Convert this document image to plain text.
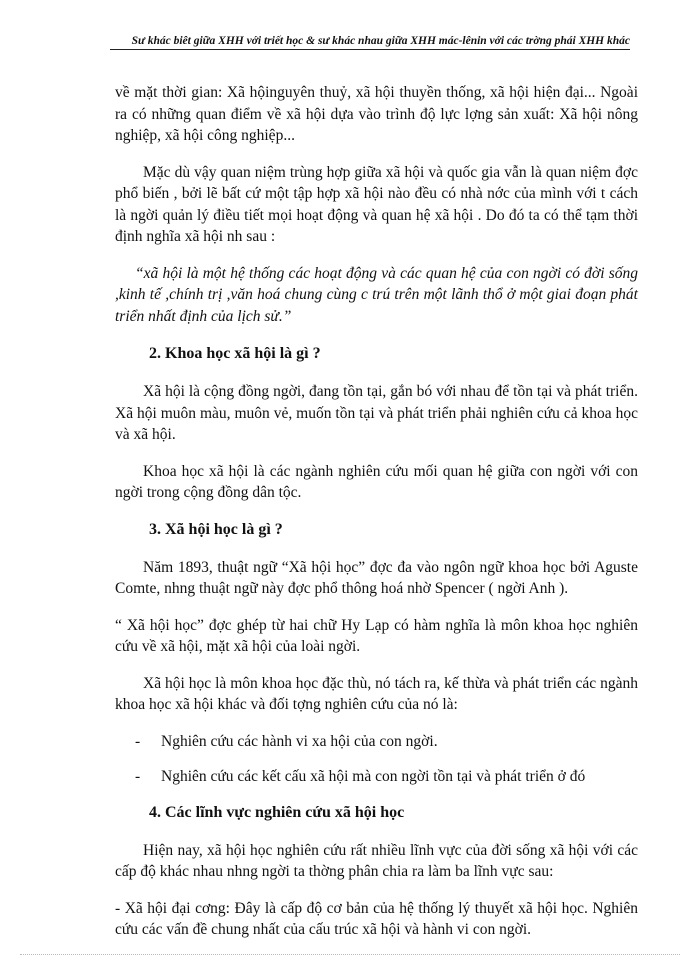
Sư khác biêt giữa XHH với triết học & sư khác nhau giữa XHH mác-lênin với các trờng phái XHH khác

về mặt thời gian: Xã hộinguyên thuỷ, xã hội thuyền thống, xã hội hiện đại... Ngoài ra có những quan điểm về xã hội dựa vào trình độ lực lợng sản xuất: Xã hội nông nghiệp, xã hội công nghiệp...

Mặc dù vậy quan niệm trùng hợp giữa xã hội và quốc gia vẫn là quan niệm đợc phổ biến , bởi lẽ bất cứ một tập hợp xã hội nào đều có nhà nớc của mình với t cách là ngời quản lý điều tiết mọi hoạt động và quan hệ xã hội . Do đó ta có thể tạm thời định nghĩa xã hội nh sau :

“xã hội là một hệ thống các hoạt động và các quan hệ của con ngời có đời sống ,kinh tế ,chính trị ,văn hoá chung cùng c trú trên một lãnh thổ ở một giai đoạn phát triển nhất định của lịch sử.”

2. Khoa học xã hội là gì ?

Xã hội là cộng đồng ngời, đang tồn tại, gắn bó với nhau để tồn tại và phát triển. Xã hội muôn màu, muôn vẻ, muốn tồn tại và phát triển phải nghiên cứu cả khoa học và xã hội.

Khoa học xã hội là các ngành nghiên cứu mối quan hệ giữa con ngời với con ngời trong cộng đồng dân tộc.

3. Xã hội học là gì ?

Năm 1893, thuật ngữ “Xã hội học” đợc đa vào ngôn ngữ khoa học bởi Aguste Comte, nhng thuật ngữ này đợc phổ thông hoá nhờ Spencer ( ngời Anh ).

“ Xã hội học” đợc ghép từ hai chữ Hy Lạp có hàm nghĩa là môn khoa học nghiên cứu về xã hội, mặt xã hội của loài ngời.

Xã hội học là môn khoa học đặc thù, nó tách ra, kế thừa và phát triển các ngành khoa học xã hội khác và đối tợng nghiên cứu của nó là:

-	Nghiên cứu các hành vi xa hội của con ngời.
-	Nghiên cứu các kết cấu xã hội mà con ngời tồn tại và phát triển ở đó
4. Các lĩnh vực nghiên cứu xã hội học

Hiện nay, xã hội học nghiên cứu rất nhiều lĩnh vực của đời sống xã hội với các cấp độ khác nhau nhng ngời ta thờng phân chia ra làm ba lĩnh vực sau:

- Xã hội đại cơng: Đây là cấp độ cơ bản của hệ thống lý thuyết xã hội học. Nghiên cứu các vấn đề chung nhất của cấu trúc xã hội và hành vi con ngời.
